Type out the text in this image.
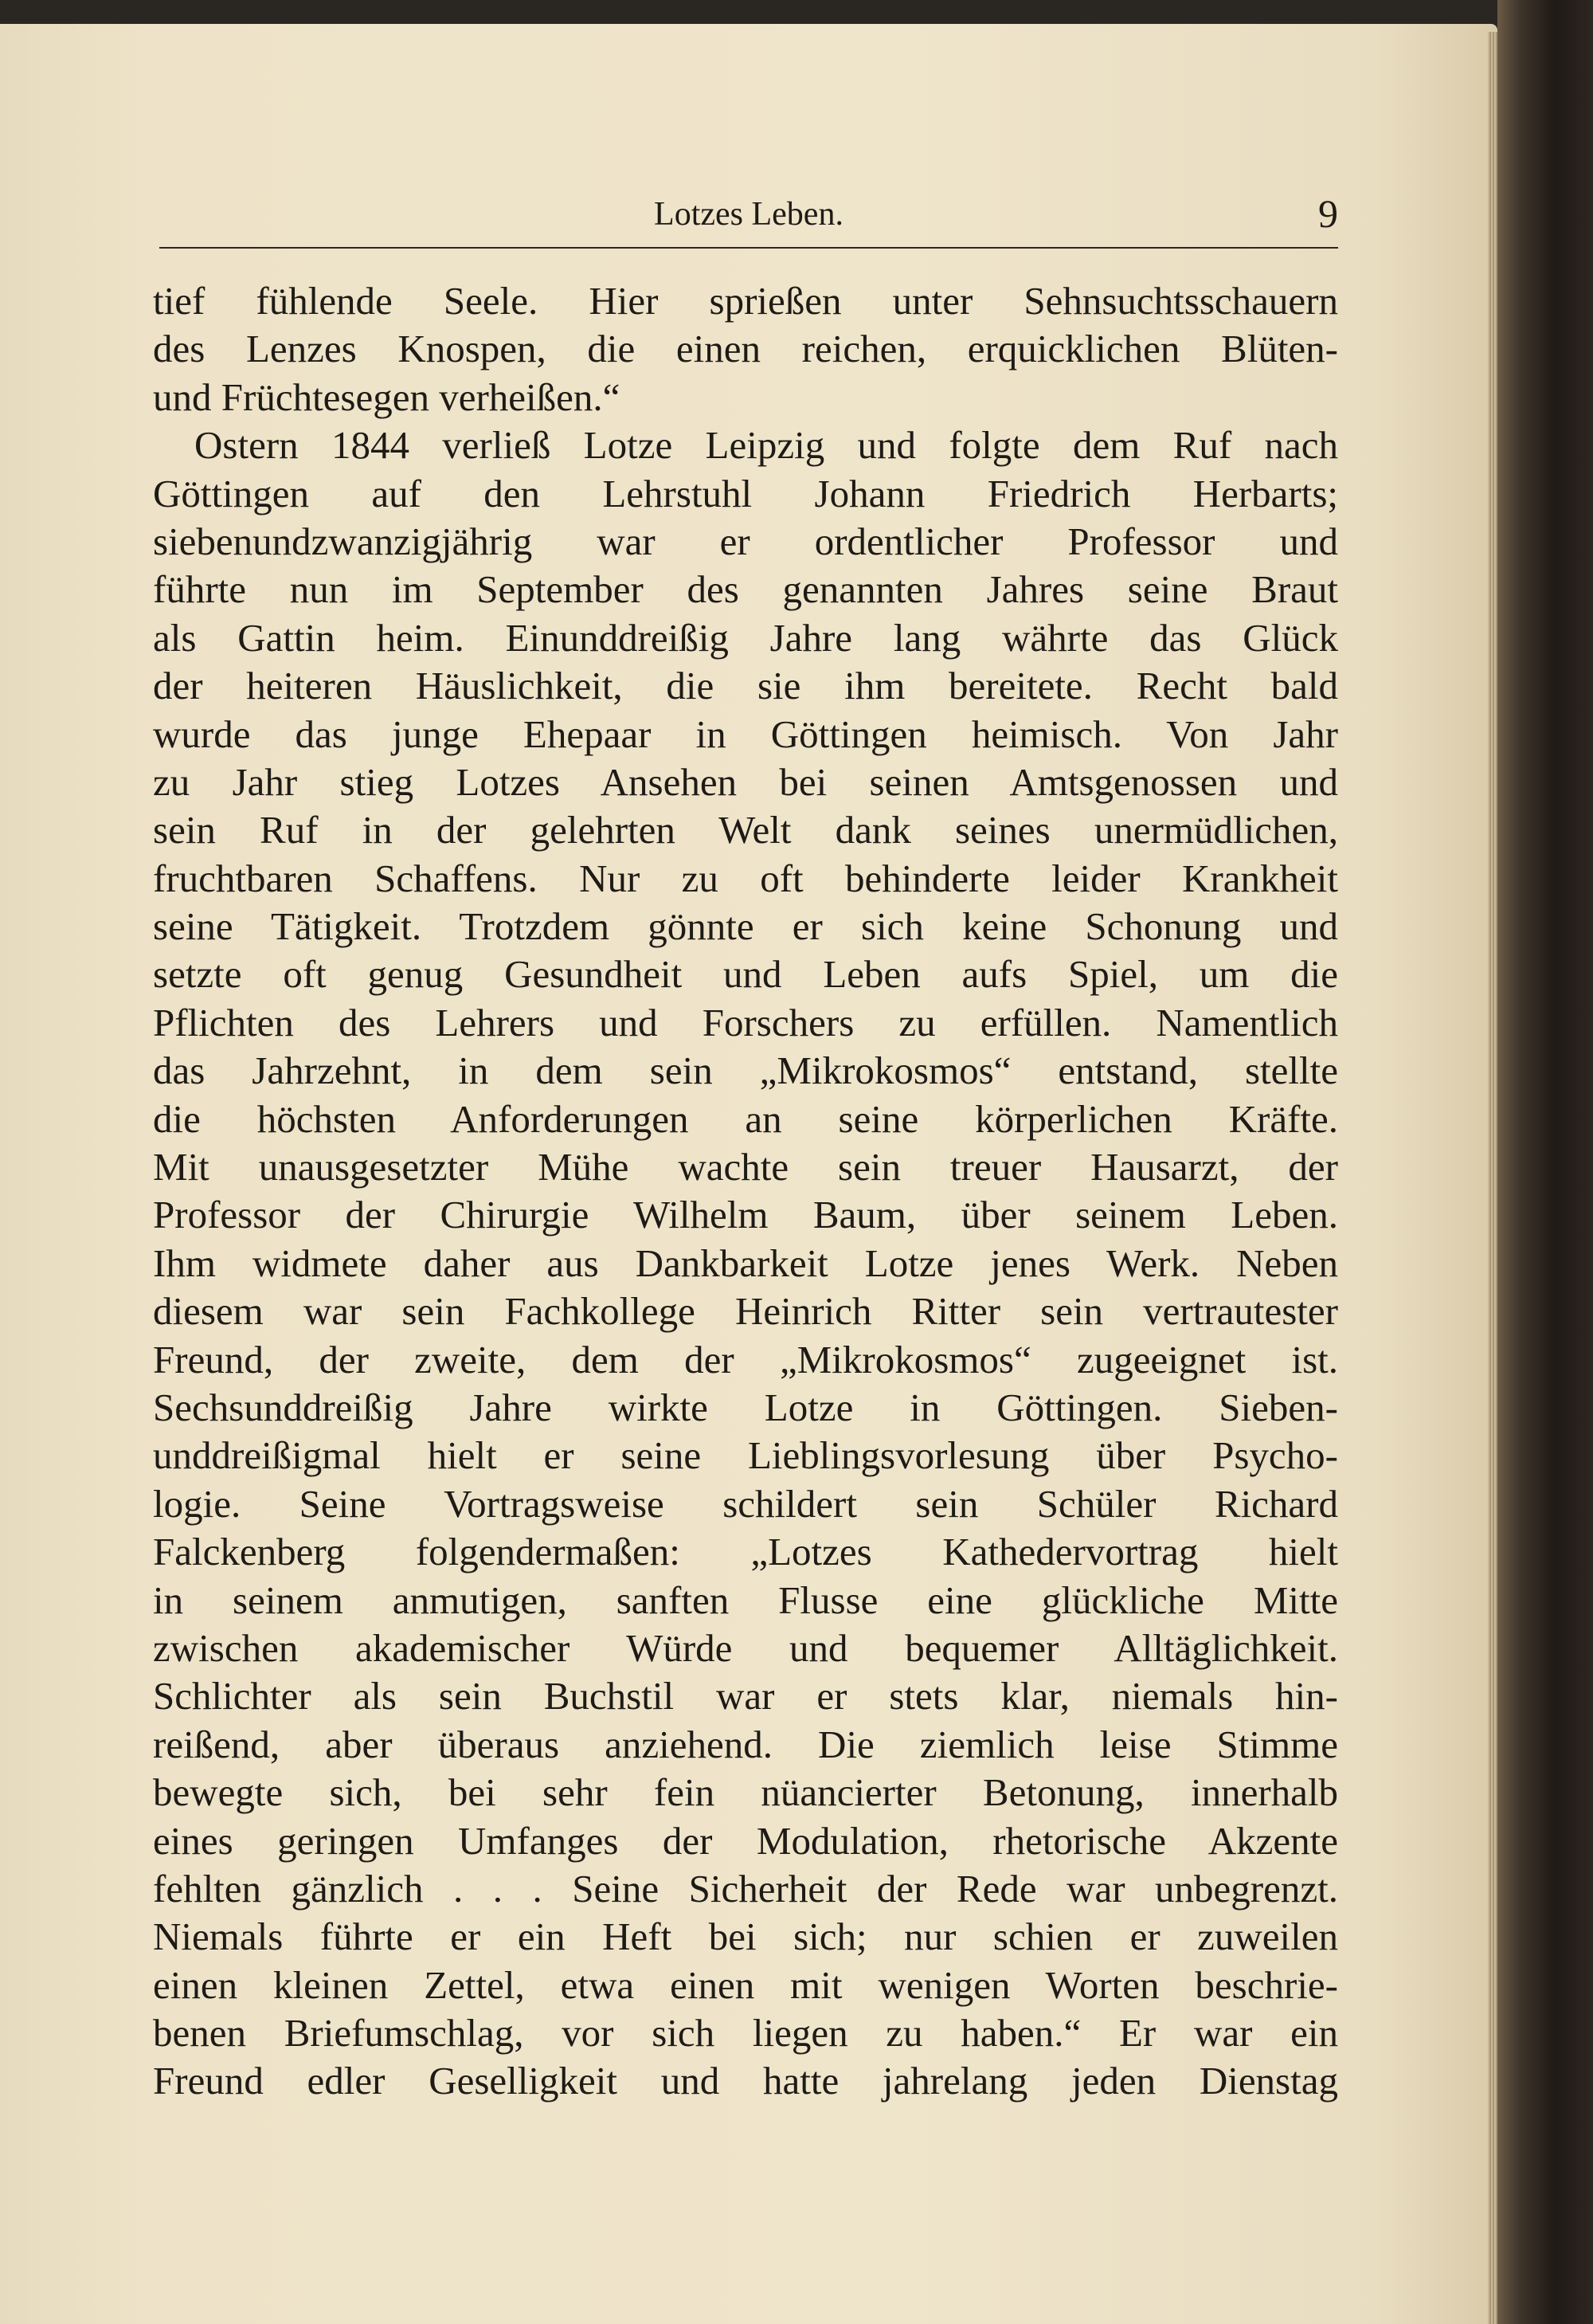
Lotzes Leben.	9
tief fühlende Seele. Hier sprießen unter Sehnsuchtsschauern
des Lenzes Knospen, die einen reichen, erquicklichen Blüten-
und Früchtesegen verheißen.“
Ostern 1844 verließ Lotze Leipzig und folgte dem Ruf nach
Göttingen auf den Lehrstuhl Johann Friedrich Herbarts;
siebenundzwanzigjährig war er ordentlicher Professor und
führte nun im September des genannten Jahres seine Braut
als Gattin heim. Einunddreißig Jahre lang währte das Glück
der heiteren Häuslichkeit, die sie ihm bereitete. Recht bald
wurde das junge Ehepaar in Göttingen heimisch. Von Jahr
zu Jahr stieg Lotzes Ansehen bei seinen Amtsgenossen und
sein Ruf in der gelehrten Welt dank seines unermüdlichen,
fruchtbaren Schaffens. Nur zu oft behinderte leider Krankheit
seine Tätigkeit. Trotzdem gönnte er sich keine Schonung und
setzte oft genug Gesundheit und Leben aufs Spiel, um die
Pflichten des Lehrers und Forschers zu erfüllen. Namentlich
das Jahrzehnt, in dem sein „Mikrokosmos“ entstand, stellte
die höchsten Anforderungen an seine körperlichen Kräfte.
Mit unausgesetzter Mühe wachte sein treuer Hausarzt, der
Professor der Chirurgie Wilhelm Baum, über seinem Leben.
Ihm widmete daher aus Dankbarkeit Lotze jenes Werk. Neben
diesem war sein Fachkollege Heinrich Ritter sein vertrautester
Freund, der zweite, dem der „Mikrokosmos“ zugeeignet ist.
Sechsunddreißig Jahre wirkte Lotze in Göttingen. Sieben-
unddreißigmal hielt er seine Lieblingsvorlesung über Psycho-
logie. Seine Vortragsweise schildert sein Schüler Richard
Falckenberg folgendermaßen: „Lotzes Kathedervortrag hielt
in seinem anmutigen, sanften Flusse eine glückliche Mitte
zwischen akademischer Würde und bequemer Alltäglichkeit.
Schlichter als sein Buchstil war er stets klar, niemals hin-
reißend, aber überaus anziehend. Die ziemlich leise Stimme
bewegte sich, bei sehr fein nüancierter Betonung, innerhalb
eines geringen Umfanges der Modulation, rhetorische Akzente
fehlten gänzlich . . . Seine Sicherheit der Rede war unbegrenzt.
Niemals führte er ein Heft bei sich; nur schien er zuweilen
einen kleinen Zettel, etwa einen mit wenigen Worten beschrie-
benen Briefumschlag, vor sich liegen zu haben.“ Er war ein
Freund edler Geselligkeit und hatte jahrelang jeden Dienstag
